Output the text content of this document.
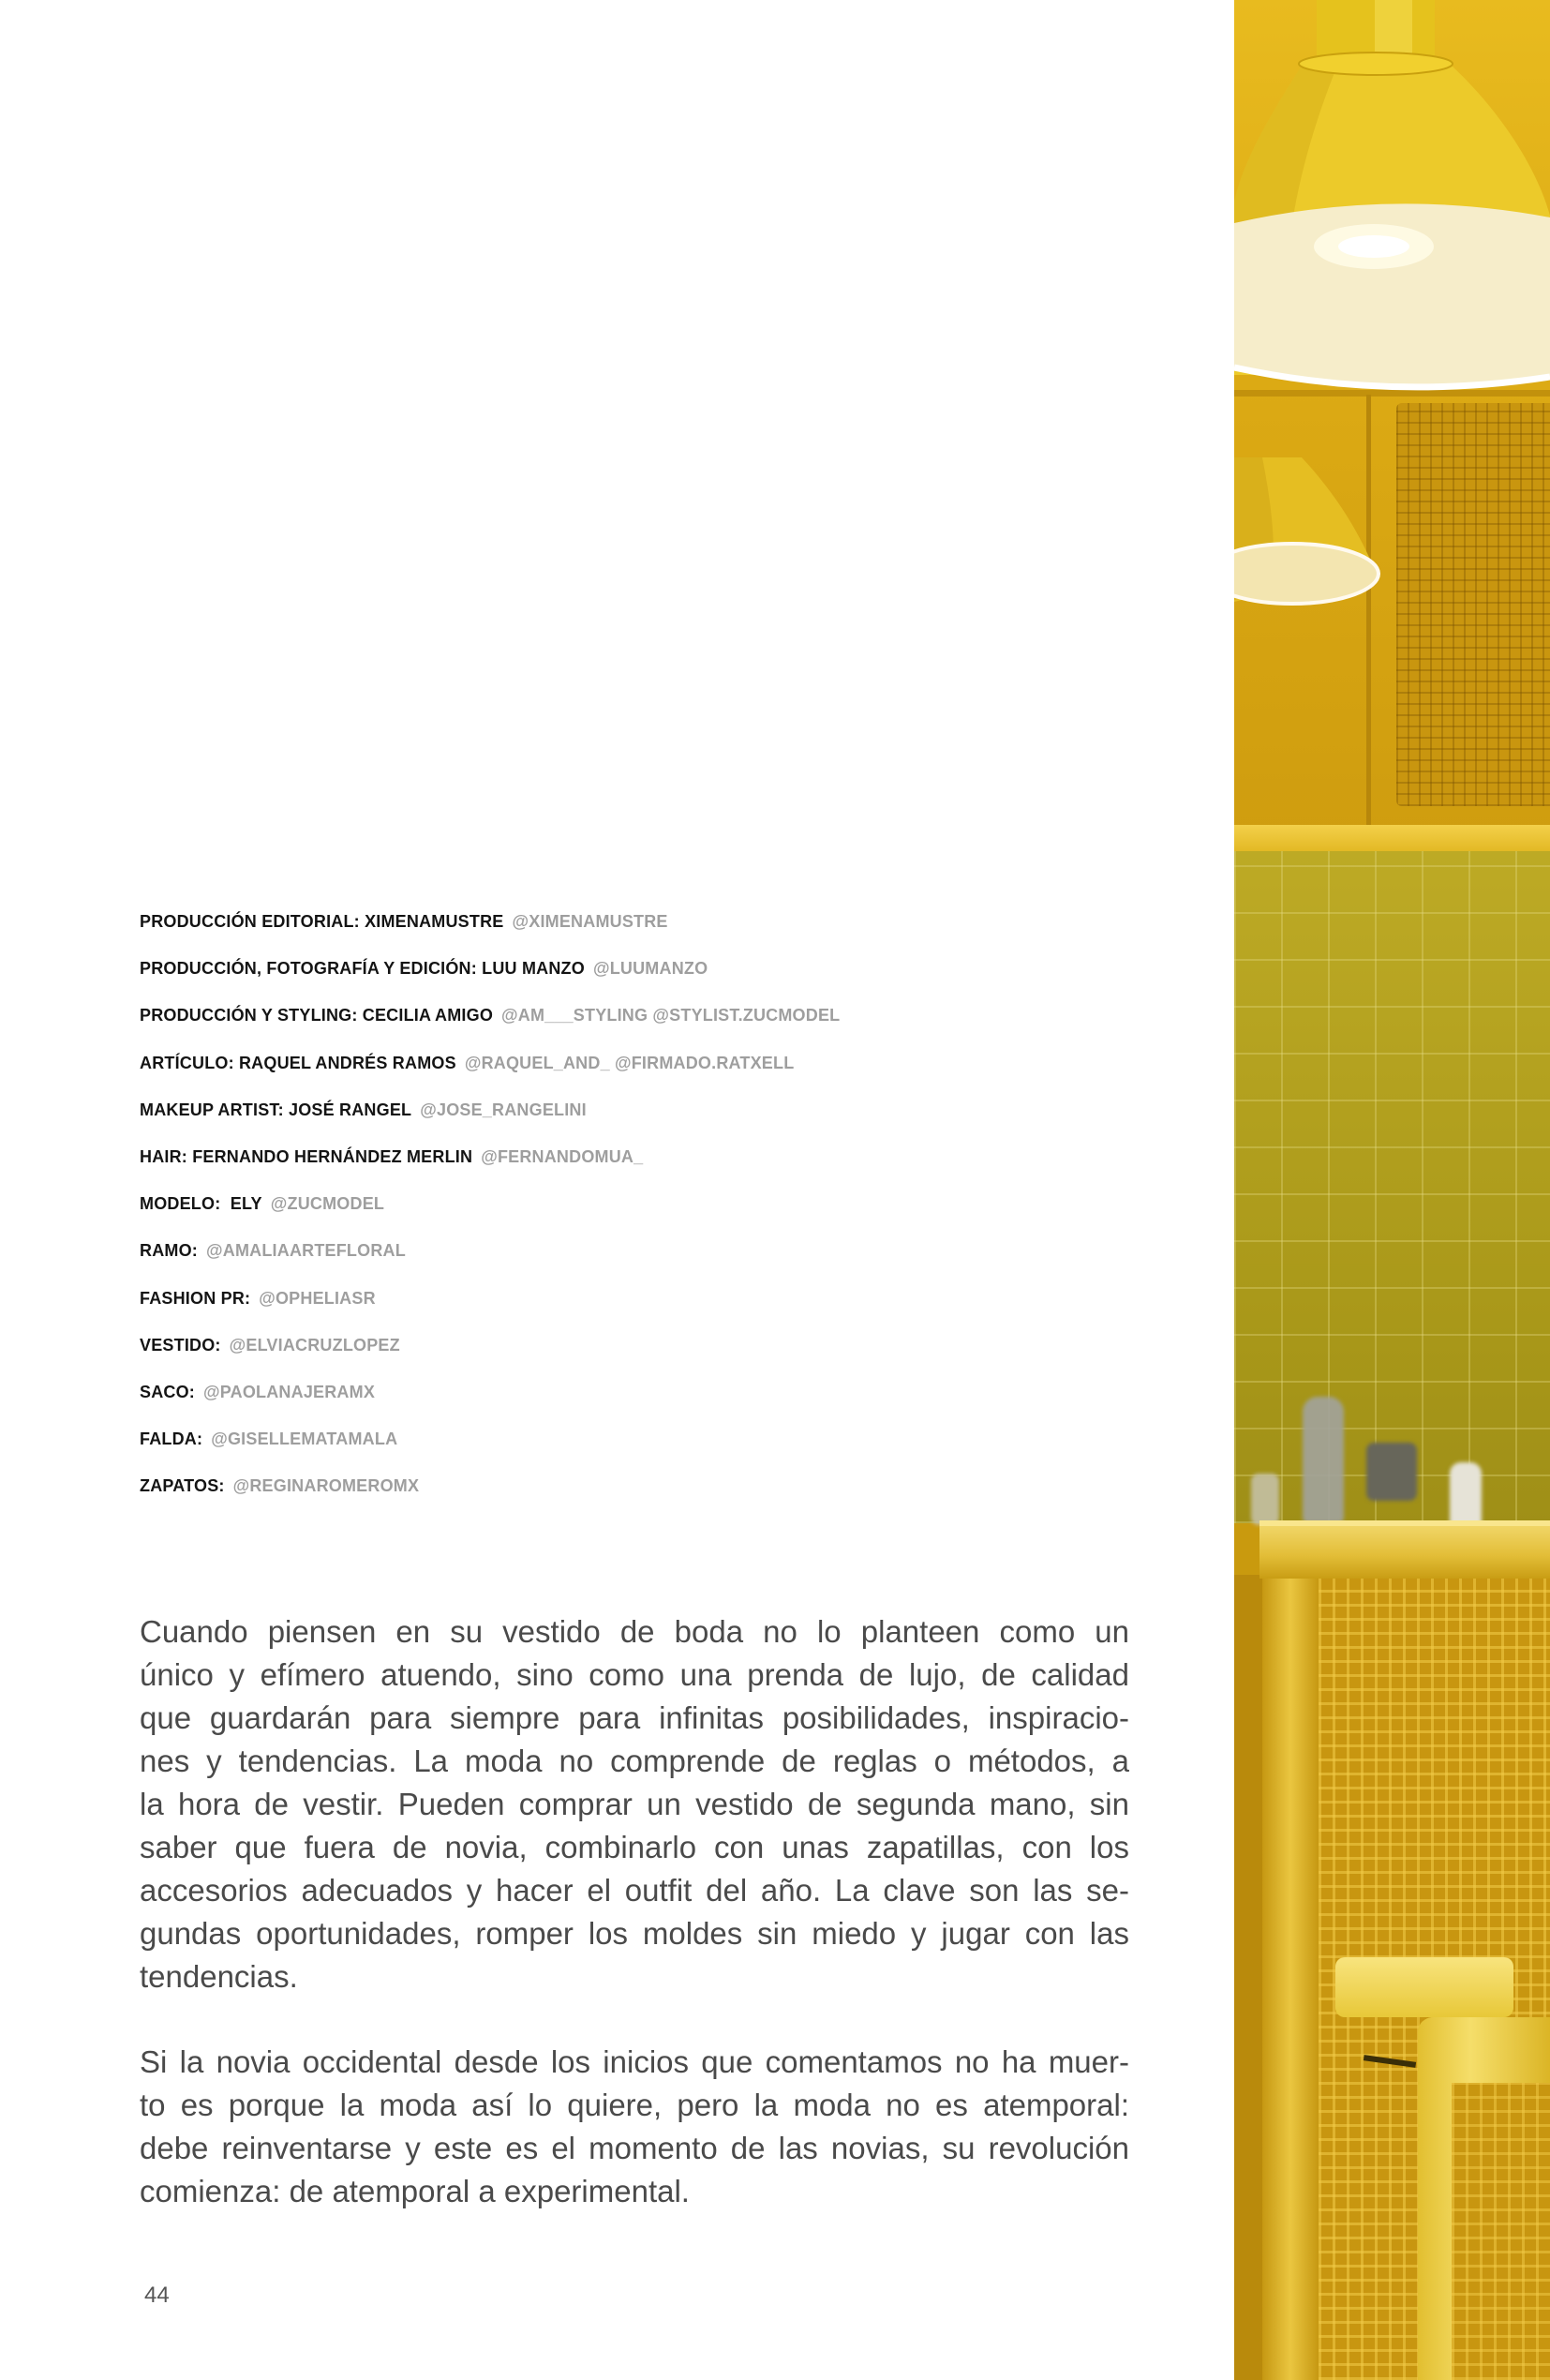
PRODUCCIÓN EDITORIAL: XIMENAMUSTRE @XIMENAMUSTRE
PRODUCCIÓN, FOTOGRAFÍA Y EDICIÓN: LUU MANZO @LUUMANZO
PRODUCCIÓN Y STYLING: CECILIA AMIGO @AM___STYLING @STYLIST.ZUCMODEL
ARTÍCULO: RAQUEL ANDRÉS RAMOS @RAQUEL_AND_ @FIRMADO.RATXELL
MAKEUP ARTIST: JOSÉ RANGEL @JOSE_RANGELINI
HAIR: FERNANDO HERNÁNDEZ MERLIN @FERNANDOMUA_
MODELO:  ELY @ZUCMODEL
RAMO: @AMALIAARTEFLORAL
FASHION PR: @OPHELIASR
VESTIDO: @ELVIACRUZLOPEZ
SACO: @PAOLANAJERAMX
FALDA: @GISELLEMATAMALA
ZAPATOS: @REGINAROMEROMX
Cuando piensen en su vestido de boda no lo planteen como un
único y efímero atuendo, sino como una prenda de lujo, de calidad
que guardarán para siempre para infinitas posibilidades, inspiracio-
nes y tendencias. La moda no comprende de reglas o métodos, a
la hora de vestir. Pueden comprar un vestido de segunda mano, sin
saber que fuera de novia, combinarlo con unas zapatillas, con los
accesorios adecuados y hacer el outfit del año. La clave son las se-
gundas oportunidades, romper los moldes sin miedo y jugar con las
tendencias.
Si la novia occidental desde los inicios que comentamos no ha muer-
to es porque la moda así lo quiere, pero la moda no es atemporal:
debe reinventarse y este es el momento de las novias, su revolución
comienza: de atemporal a experimental.
44
